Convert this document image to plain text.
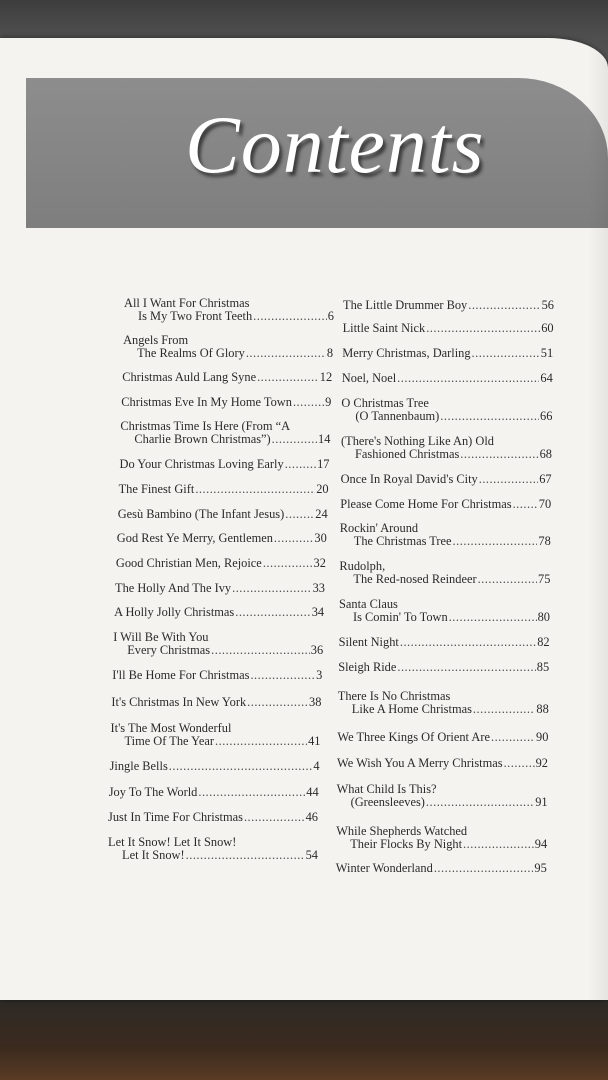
Contents
All I Want For Christmas
Is My Two Front Teeth .....	6
Angels From
The Realms Of Glory .....	8
Christmas Auld Lang Syne .....	12
Christmas Eve In My Home Town .....	9
Christmas Time Is Here (From “A
Charlie Brown Christmas”) .....	14
Do Your Christmas Loving Early .....	17
The Finest Gift .....	20
Gesù Bambino (The Infant Jesus) .....	24
God Rest Ye Merry, Gentlemen .....	30
Good Christian Men, Rejoice .....	32
The Holly And The Ivy .....	33
A Holly Jolly Christmas .....	34
I Will Be With You
Every Christmas .....	36
I'll Be Home For Christmas .....	3
It's Christmas In New York .....	38
It's The Most Wonderful
Time Of The Year .....	41
Jingle Bells .....	4
Joy To The World .....	44
Just In Time For Christmas .....	46
Let It Snow! Let It Snow!
Let It Snow! .....	54
The Little Drummer Boy .....	56
Little Saint Nick .....	60
Merry Christmas, Darling .....	51
Noel, Noel .....	64
O Christmas Tree
(O Tannenbaum) .....	66
(There's Nothing Like An) Old
Fashioned Christmas .....	68
Once In Royal David's City .....	67
Please Come Home For Christmas ..... 70
Rockin' Around
The Christmas Tree .....	78
Rudolph,
The Red-nosed Reindeer .....	75
Santa Claus
Is Comin' To Town .....	80
Silent Night .....	82
Sleigh Ride .....	85
There Is No Christmas
Like A Home Christmas .....	88
We Three Kings Of Orient Are .....	90
We Wish You A Merry Christmas .....	92
What Child Is This?
(Greensleeves) .....	91
While Shepherds Watched
Their Flocks By Night .....	94
Winter Wonderland .....	95
